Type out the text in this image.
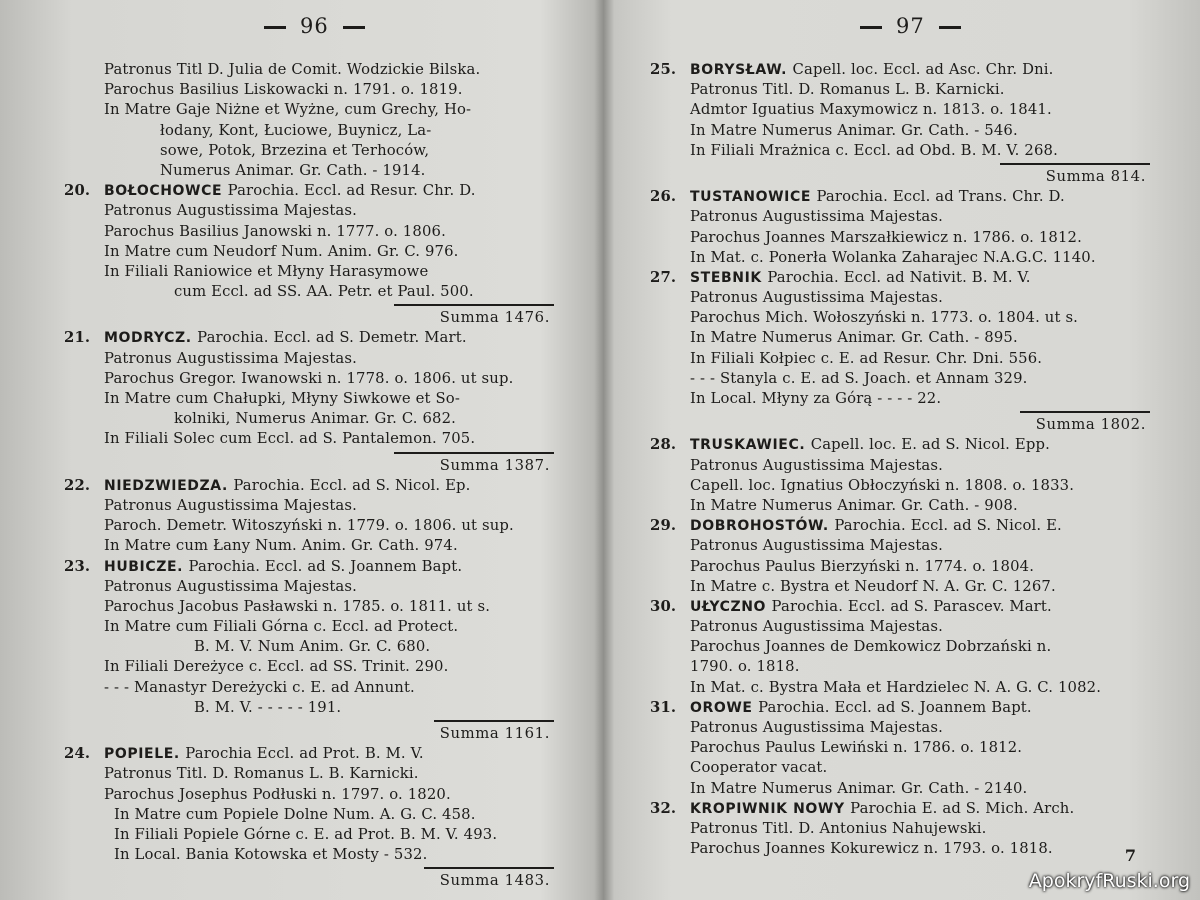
96
Patronus Titl D. Julia de Comit. Wodzickie Bilska.
Parochus Basilius Liskowacki n. 1791. o. 1819.
In Matre Gaje Niżne et Wyżne, cum Grechy, Ho-
łodany, Kont, Łuciowe, Buynicz, La-
sowe, Potok, Brzezina et Terhoców,
Numerus Animar. Gr. Cath. - 1914.
20. BOŁOCHOWCE Parochia. Eccl. ad Resur. Chr. D.
Patronus Augustissima Majestas.
Parochus Basilius Janowski n. 1777. o. 1806.
In Matre cum Neudorf Num. Anim. Gr. C. 976.
In Filiali Raniowice et Młyny Harasymowe
cum Eccl. ad SS. AA. Petr. et Paul. 500.
Summa 1476.
21. MODRYCZ. Parochia. Eccl. ad S. Demetr. Mart.
Patronus Augustissima Majestas.
Parochus Gregor. Iwanowski n. 1778. o. 1806. ut sup.
In Matre cum Chałupki, Młyny Siwkowe et So-
kolniki, Numerus Animar. Gr. C. 682.
In Filiali Solec cum Eccl. ad S. Pantalemon. 705.
Summa 1387.
22. NIEDZWIEDZA. Parochia. Eccl. ad S. Nicol. Ep.
Patronus Augustissima Majestas.
Paroch. Demetr. Witoszyński n. 1779. o. 1806. ut sup.
In Matre cum Łany Num. Anim. Gr. Cath. 974.
23. HUBICZE. Parochia. Eccl. ad S. Joannem Bapt.
Patronus Augustissima Majestas.
Parochus Jacobus Pasławski n. 1785. o. 1811. ut s.
In Matre cum Filiali Górna c. Eccl. ad Protect.
B. M. V. Num Anim. Gr. C. 680.
In Filiali Dereżyce c. Eccl. ad SS. Trinit. 290.
- - - Manastyr Dereżycki c. E. ad Annunt.
B. M. V. - - - - - 191.
Summa 1161.
24. POPIELE. Parochia Eccl. ad Prot. B. M. V.
Patronus Titl. D. Romanus L. B. Karnicki.
Parochus Josephus Podłuski n. 1797. o. 1820.
In Matre cum Popiele Dolne Num. A. G. C. 458.
In Filiali Popiele Górne c. E. ad Prot. B. M. V. 493.
In Local. Bania Kotowska et Mosty - 532.
Summa 1483.
97
25. BORYSŁAW. Capell. loc. Eccl. ad Asc. Chr. Dni.
Patronus Titl. D. Romanus L. B. Karnicki.
Admtor Iguatius Maxymowicz n. 1813. o. 1841.
In Matre Numerus Animar. Gr. Cath. - 546.
In Filiali Mrażnica c. Eccl. ad Obd. B. M. V. 268.
Summa 814.
26. TUSTANOWICE Parochia. Eccl. ad Trans. Chr. D.
Patronus Augustissima Majestas.
Parochus Joannes Marszałkiewicz n. 1786. o. 1812.
In Mat. c. Ponerła Wolanka Zaharajec N.A.G.C. 1140.
27. STEBNIK Parochia. Eccl. ad Nativit. B. M. V.
Patronus Augustissima Majestas.
Parochus Mich. Wołoszyński n. 1773. o. 1804. ut s.
In Matre Numerus Animar. Gr. Cath. - 895.
In Filiali Kołpiec c. E. ad Resur. Chr. Dni. 556.
- - - Stanyla c. E. ad S. Joach. et Annam 329.
In Local. Młyny za Górą - - - - 22.
Summa 1802.
28. TRUSKAWIEC. Capell. loc. E. ad S. Nicol. Epp.
Patronus Augustissima Majestas.
Capell. loc. Ignatius Obłoczyński n. 1808. o. 1833.
In Matre Numerus Animar. Gr. Cath. - 908.
29. DOBROHOSTÓW. Parochia. Eccl. ad S. Nicol. E.
Patronus Augustissima Majestas.
Parochus Paulus Bierzyński n. 1774. o. 1804.
In Matre c. Bystra et Neudorf N. A. Gr. C. 1267.
30. UŁYCZNO Parochia. Eccl. ad S. Parascev. Mart.
Patronus Augustissima Majestas.
Parochus Joannes de Demkowicz Dobrzański n.
1790. o. 1818.
In Mat. c. Bystra Mała et Hardzielec N. A. G. C. 1082.
31. OROWE Parochia. Eccl. ad S. Joannem Bapt.
Patronus Augustissima Majestas.
Parochus Paulus Lewiński n. 1786. o. 1812.
Cooperator vacat.
In Matre Numerus Animar. Gr. Cath. - 2140.
32. KROPIWNIK NOWY Parochia E. ad S. Mich. Arch.
Patronus Titl. D. Antonius Nahujewski.
Parochus Joannes Kokurewicz n. 1793. o. 1818.	7
ApokryfRuski.org
